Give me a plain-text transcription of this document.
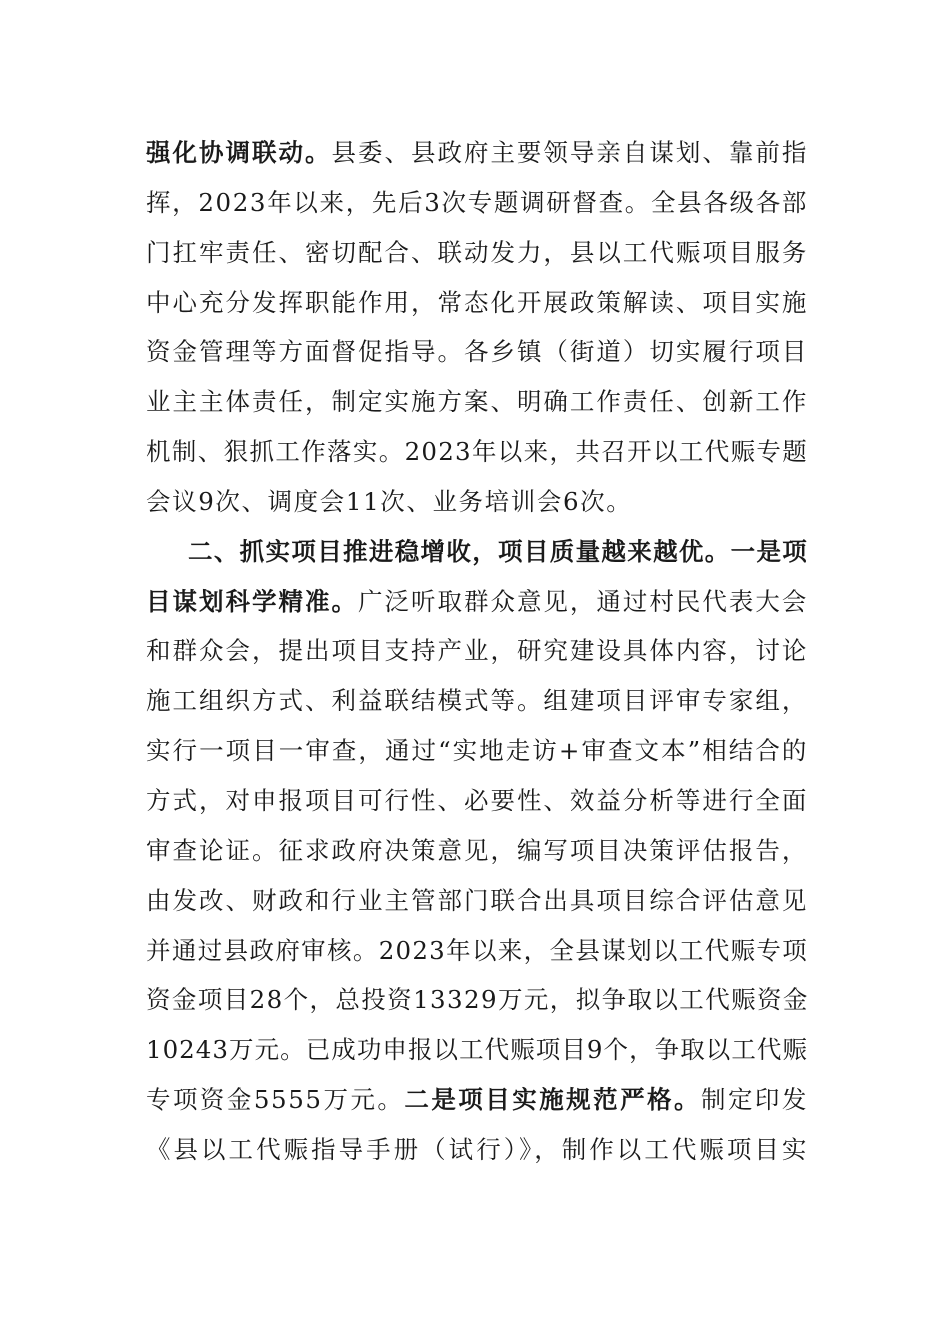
强化协调联动。县委、县政府主要领导亲自谋划、靠前指
挥，2023年以来，先后3次专题调研督查。全县各级各部
门扛牢责任、密切配合、联动发力，县以工代赈项目服务
中心充分发挥职能作用，常态化开展政策解读、项目实施
资金管理等方面督促指导。各乡镇（街道）切实履行项目
业主主体责任，制定实施方案、明确工作责任、创新工作
机制、狠抓工作落实。2023年以来，共召开以工代赈专题
会议9次、调度会11次、业务培训会6次。
二、抓实项目推进稳增收，项目质量越来越优。一是项
目谋划科学精准。广泛听取群众意见，通过村民代表大会
和群众会，提出项目支持产业，研究建设具体内容，讨论
施工组织方式、利益联结模式等。组建项目评审专家组，
实行一项目一审查，通过“实地走访+审查文本”相结合的
方式，对申报项目可行性、必要性、效益分析等进行全面
审查论证。征求政府决策意见，编写项目决策评估报告，
由发改、财政和行业主管部门联合出具项目综合评估意见
并通过县政府审核。2023年以来，全县谋划以工代赈专项
资金项目28个，总投资13329万元，拟争取以工代赈资金
10243万元。已成功申报以工代赈项目9个，争取以工代赈
专项资金5555万元。二是项目实施规范严格。制定印发
《县以工代赈指导手册（试行）》，制作以工代赈项目实
